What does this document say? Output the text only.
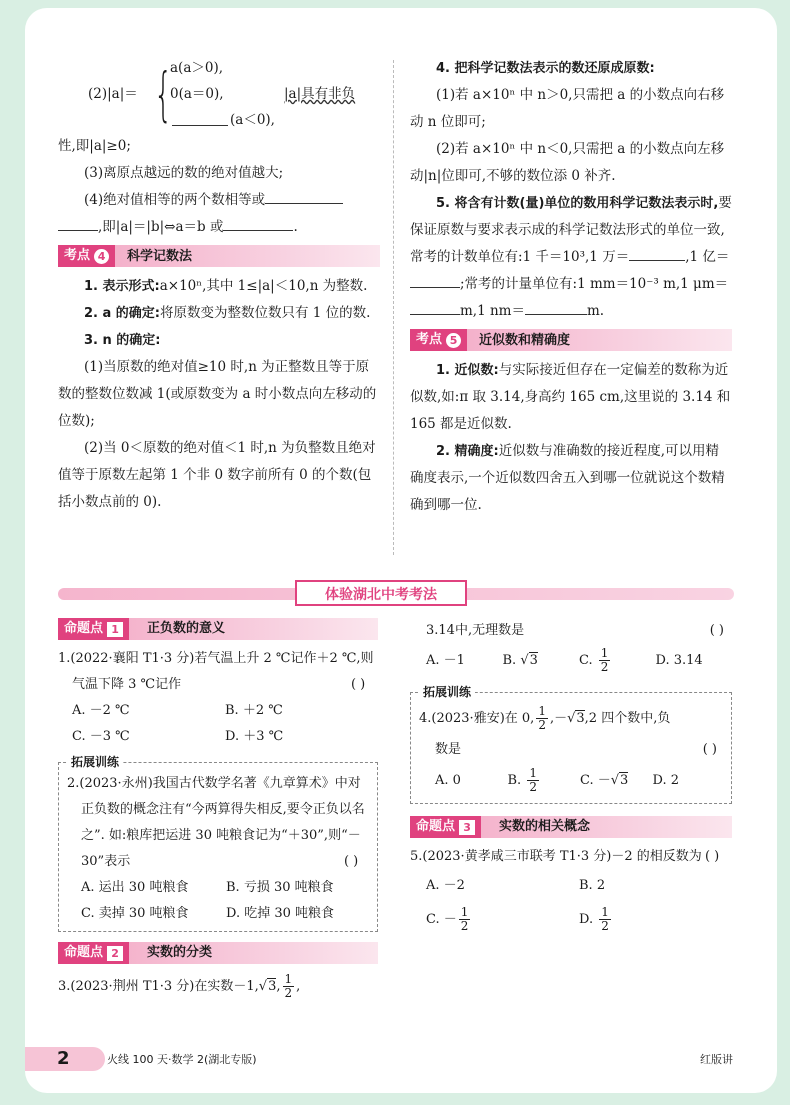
(2)|a|＝ {
a(a＞0),
0(a＝0),
(a＜0),
|a|具有非负

性,即|a|≥0;

(3)离原点越远的数的绝对值越大;

(4)绝对值相等的两个数相等或

,即|a|＝|b|⇔a＝b 或	.

考点 4 科学记数法

1. 表示形式:a×10ⁿ,其中 1≤|a|＜10,n 为整数.

2. a 的确定:将原数变为整数位数只有 1 位的数.

3. n 的确定:

(1)当原数的绝对值≥10 时,n 为正整数且等于原数的整数位数减 1(或原数变为 a 时小数点向左移动的位数);

(2)当 0＜原数的绝对值＜1 时,n 为负整数且绝对值等于原数左起第 1 个非 0 数字前所有 0 的个数(包括小数点前的 0).

4. 把科学记数法表示的数还原成原数:

(1)若 a×10ⁿ 中 n＞0,只需把 a 的小数点向右移动 n 位即可;

(2)若 a×10ⁿ 中 n＜0,只需把 a 的小数点向左移动|n|位即可,不够的数位添 0 补齐.

5. 将含有计数(量)单位的数用科学记数法表示时,要保证原数与要求表示成的科学记数法形式的单位一致,常考的计数单位有:1 千＝10³,1 万＝	,1 亿＝;常考的计量单位有:1 mm＝10⁻³ m,1 μm＝m,1 nm＝	m.

考点 5 近似数和精确度

1. 近似数:与实际接近但存在一定偏差的数称为近似数,如:π 取 3.14,身高约 165 cm,这里说的 3.14 和 165 都是近似数.

2. 精确度:近似数与准确数的接近程度,可以用精确度表示,一个近似数四舍五入到哪一位就说这个数精确到哪一位.

体验湖北中考考法
命题点 1	正负数的意义

1.(2022·襄阳 T1·3 分)若气温上升 2 ℃记作＋2 ℃,则气温下降 3 ℃记作	( )

A. －2 ℃	B. ＋2 ℃
C. －3 ℃	D. ＋3 ℃
拓展训练

2.(2023·永州)我国古代数学名著《九章算术》中对正负数的概念注有“今两算得失相反,要令正负以名之”. 如:粮库把运进 30 吨粮食记为“＋30”,则“－30”表示	( )

A. 运出 30 吨粮食	B. 亏损 30 吨粮食
C. 卖掉 30 吨粮食	D. 吃掉 30 吨粮食
命题点 2	实数的分类

3.(2023·荆州 T1·3 分)在实数－1,√3, $\frac{1}{2}$ ,

3.14中,无理数是	( )

A. －1	B. √3	C. $\frac{1}{2}$	D. 3.14
拓展训练

4.(2023·雅安)在 0, $\frac{1}{2} ,-√3,2$ 四个数中,负

数是	( )

A. 0	B. $\frac{1}{2}$	C. －√3	D. 2
命题点 3	实数的相关概念

5.(2023·黄孝咸三市联考 T1·3 分)－2 的相反数为 ( )

A. －2	B. 2
C. － $\frac{1}{2}$	D. $\frac{1}{2}$
2	火线 100 天·数学 2(湖北专版)	红版讲
